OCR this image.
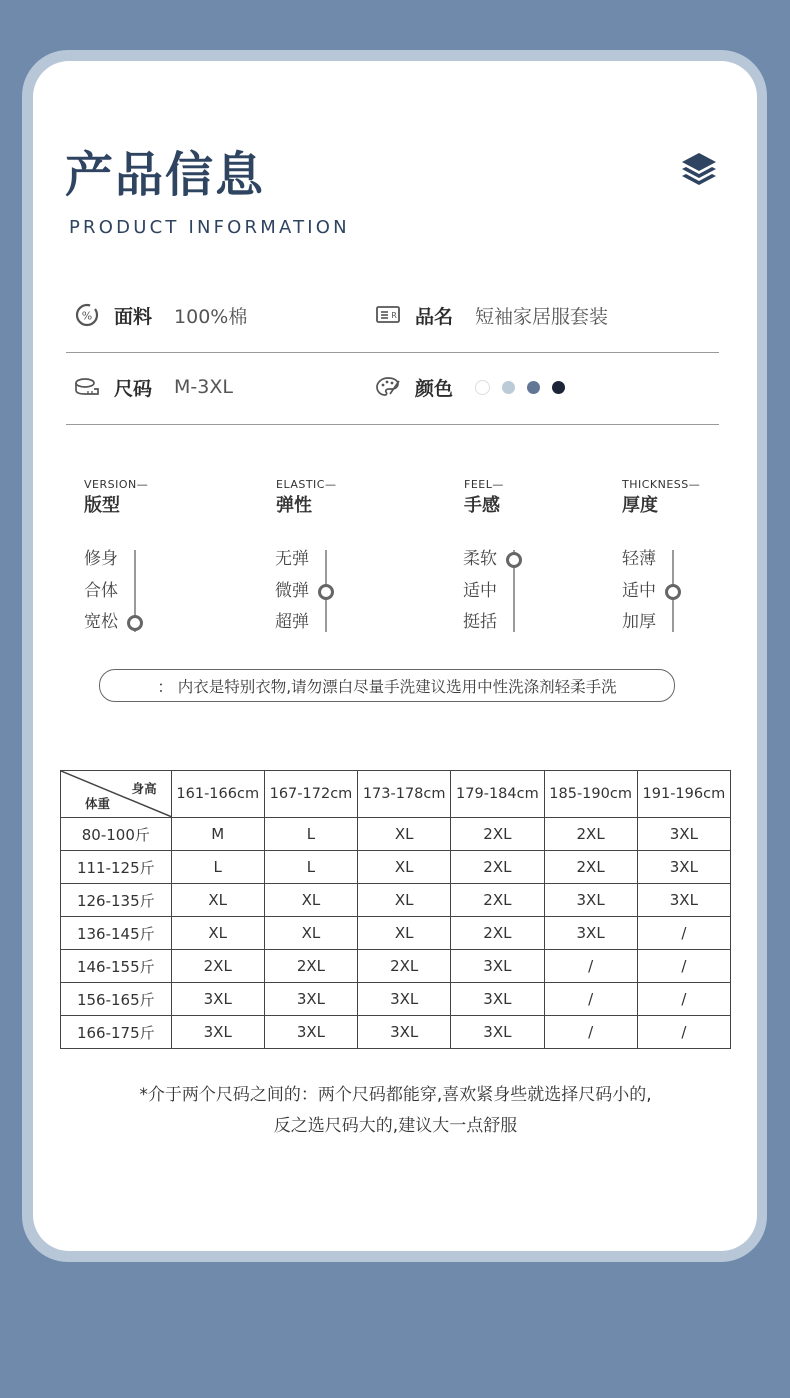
产品信息
PRODUCT INFORMATION
% 面料 100%棉	R 品名 短袖家居服套装
尺码 M-3XL	颜色
VERSION—
版型
ELASTIC—
弹性
FEEL—
手感
THICKNESS—
厚度
修身
合体
宽松
无弹
微弹
超弹
柔软
适中
挺括
轻薄
适中
加厚
： 内衣是特别衣物,请勿漂白尽量手洗建议选用中性洗涤剂轻柔手洗
身高
体重	161-166cm	167-172cm	173-178cm	179-184cm	185-190cm	191-196cm
80-100斤	M	L	XL	2XL	2XL	3XL
111-125斤	L	L	XL	2XL	2XL	3XL
126-135斤	XL	XL	XL	2XL	3XL	3XL
136-145斤	XL	XL	XL	2XL	3XL	/
146-155斤	2XL	2XL	2XL	3XL	/	/
156-165斤	3XL	3XL	3XL	3XL	/	/
166-175斤	3XL	3XL	3XL	3XL	/	/
*介于两个尺码之间的：两个尺码都能穿,喜欢紧身些就选择尺码小的,
反之选尺码大的,建议大一点舒服
